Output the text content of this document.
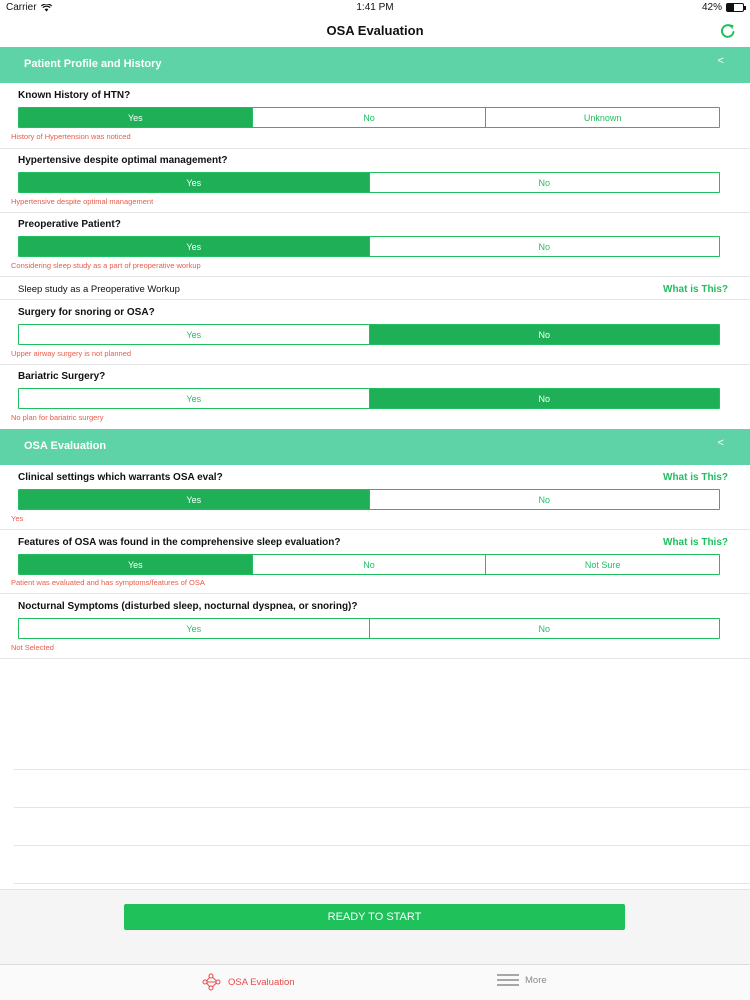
Carrier	1:41 PM	42%
OSA Evaluation
Patient Profile and History	<
Known History of HTN?
Yes	No	Unknown
History of Hypertension was noticed
Hypertensive despite optimal management?
Yes	No
Hypertensive despite optimal management
Preoperative Patient?
Yes	No
Considering sleep study as a part of preoperative workup
Sleep study as a Preoperative Workup	What is This?
Surgery for snoring or OSA?
Yes	No
Upper airway surgery is not planned
Bariatric Surgery?
Yes	No
No plan for bariatric surgery
OSA Evaluation	<
Clinical settings which warrants OSA eval?	What is This?
Yes	No
Yes
Features of OSA was found in the comprehensive sleep evaluation?	What is This?
Yes	No	Not Sure
Patient was evaluated and has symptoms/features of OSA
Nocturnal Symptoms (disturbed sleep, nocturnal dyspnea, or snoring)?
Yes	No
Not Selected
READY TO START
OSA Evaluation	More
